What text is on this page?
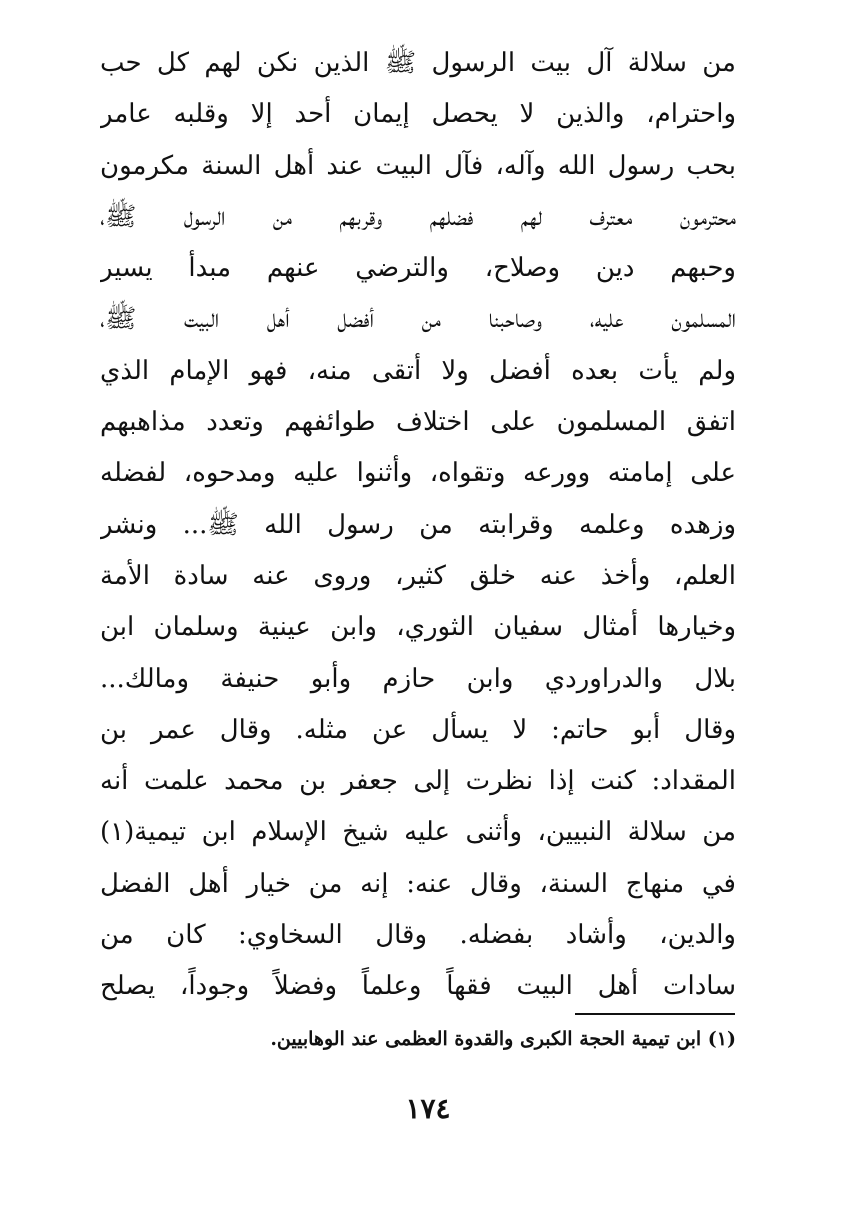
من سلالة آل بيت الرسول ﷺ الذين نكن لهم كل حب
واحترام، والذين لا يحصل إيمان أحد إلا وقلبه عامر
بحب رسول الله وآله، فآل البيت عند أهل السنة مكرمون
محترمون معترف لهم فضلهم وقربهم من الرسول ﷺ،
وحبهم دين وصلاح، والترضي عنهم مبدأ يسير
المسلمون عليه، وصاحبنا من أفضل أهل البيت ﷺ،
ولم يأت بعده أفضل ولا أتقى منه، فهو الإمام الذي
اتفق المسلمون على اختلاف طوائفهم وتعدد مذاهبهم
على إمامته وورعه وتقواه، وأثنوا عليه ومدحوه، لفضله
وزهده وعلمه وقرابته من رسول الله ﷺ... ونشر
العلم، وأخذ عنه خلق كثير، وروى عنه سادة الأمة
وخيارها أمثال سفيان الثوري، وابن عينية وسلمان ابن
بلال والدراوردي وابن حازم وأبو حنيفة ومالك...
وقال أبو حاتم: لا يسأل عن مثله. وقال عمر بن
المقداد: كنت إذا نظرت إلى جعفر بن محمد علمت أنه
من سلالة النبيين، وأثنى عليه شيخ الإسلام ابن تيمية(١)
في منهاج السنة، وقال عنه: إنه من خيار أهل الفضل
والدين، وأشاد بفضله. وقال السخاوي: كان من
سادات أهل البيت فقهاً وعلماً وفضلاً وجوداً، يصلح
(١) ابن تيمية الحجة الكبرى والقدوة العظمى عند الوهابيين.
١٧٤
